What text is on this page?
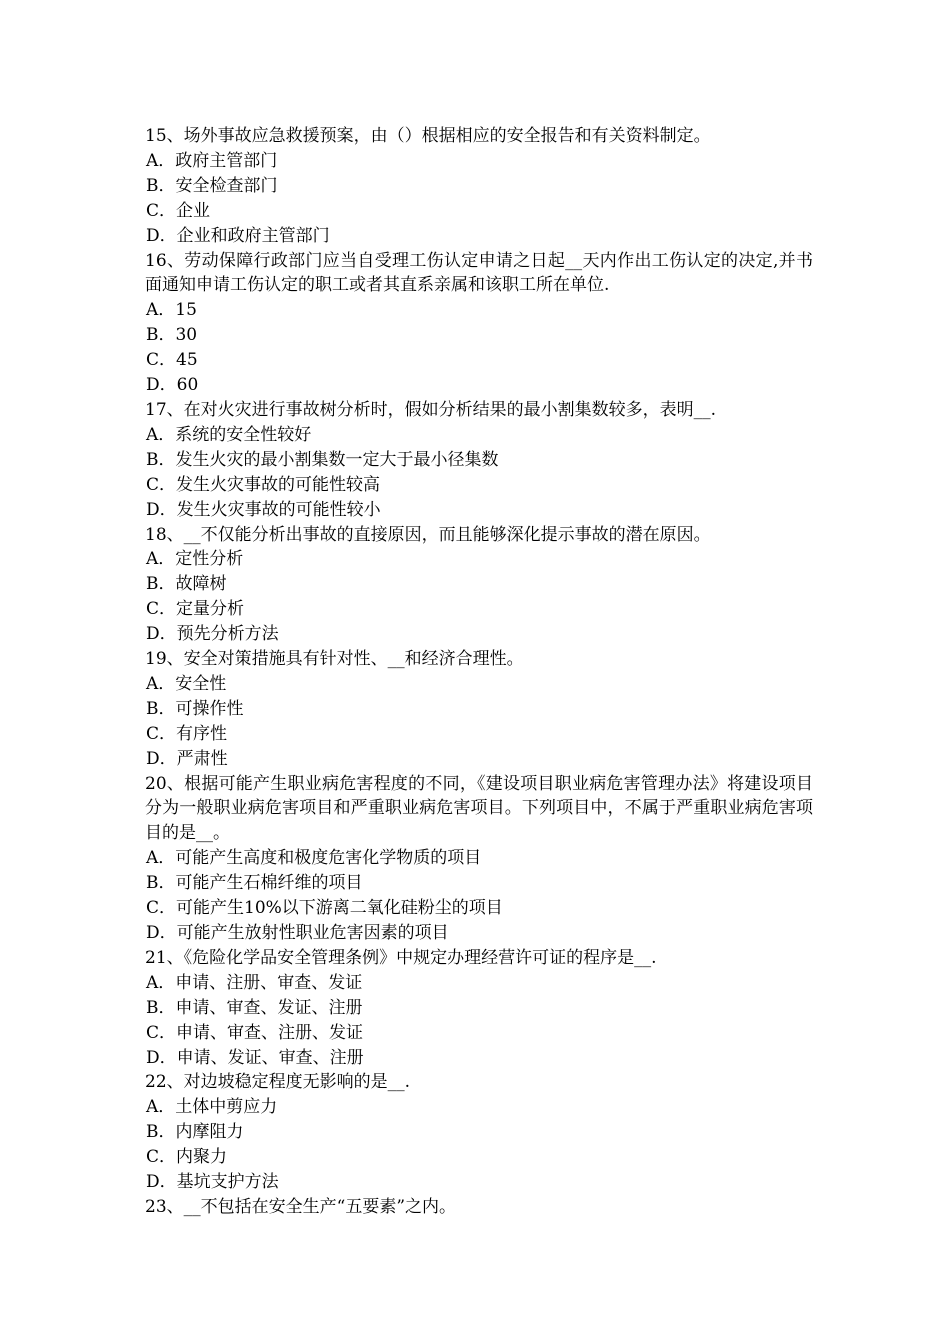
15、场外事故应急救援预案，由（）根据相应的安全报告和有关资料制定。
A．政府主管部门
B．安全检查部门
C．企业
D．企业和政府主管部门
16、劳动保障行政部门应当自受理工伤认定申请之日起__天内作出工伤认定的决定,并书面通知申请工伤认定的职工或者其直系亲属和该职工所在单位.
A．15
B．30
C．45
D．60
17、在对火灾进行事故树分析时，假如分析结果的最小割集数较多，表明__.
A．系统的安全性较好
B．发生火灾的最小割集数一定大于最小径集数
C．发生火灾事故的可能性较高
D．发生火灾事故的可能性较小
18、__不仅能分析出事故的直接原因，而且能够深化提示事故的潜在原因。
A．定性分析
B．故障树
C．定量分析
D．预先分析方法
19、安全对策措施具有针对性、__和经济合理性。
A．安全性
B．可操作性
C．有序性
D．严肃性
20、根据可能产生职业病危害程度的不同，《建设项目职业病危害管理办法》将建设项目分为一般职业病危害项目和严重职业病危害项目。下列项目中，不属于严重职业病危害项目的是__。
A．可能产生高度和极度危害化学物质的项目
B．可能产生石棉纤维的项目
C．可能产生10%以下游离二氧化硅粉尘的项目
D．可能产生放射性职业危害因素的项目
21、《危险化学品安全管理条例》中规定办理经营许可证的程序是__.
A．申请、注册、审查、发证
B．申请、审查、发证、注册
C．申请、审查、注册、发证
D．申请、发证、审查、注册
22、对边坡稳定程度无影响的是__.
A．土体中剪应力
B．内摩阻力
C．内聚力
D．基坑支护方法
23、__不包括在安全生产“五要素”之内。
